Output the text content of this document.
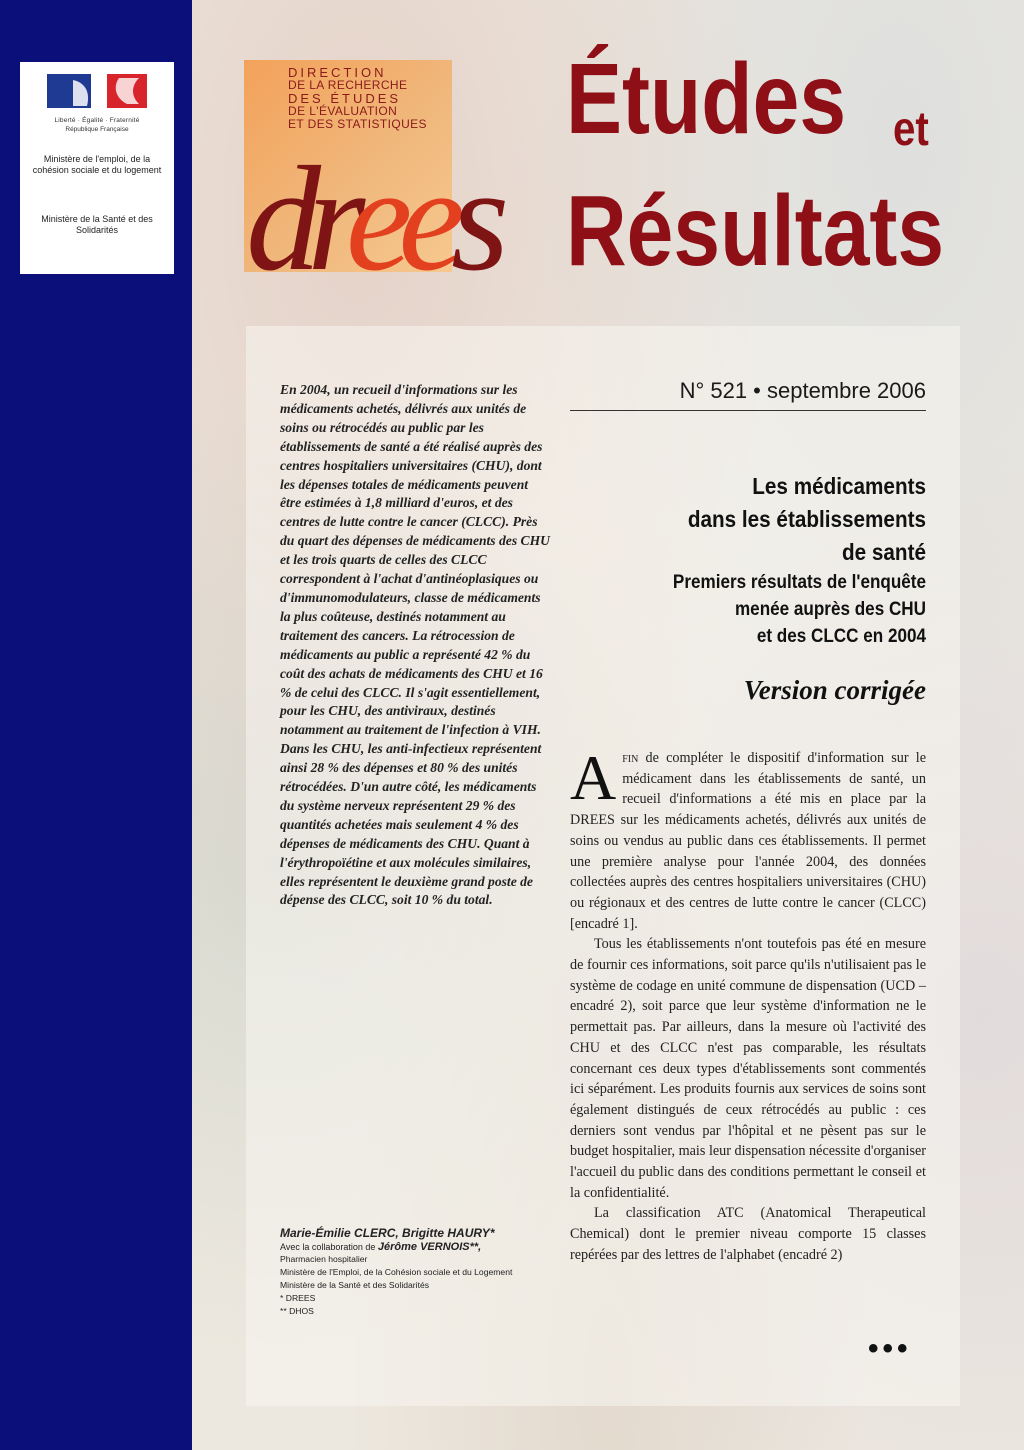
Liberté · Égalité · Fraternité
République Française
Ministère de l'emploi, de la cohésion sociale et du logement
Ministère de la Santé et des Solidarités
DIRECTION
DE LA RECHERCHE
DES ÉTUDES
DE L'ÉVALUATION
ET DES STATISTIQUES
drees
Études et
Résultats
En 2004, un recueil d'informations sur les médicaments achetés, délivrés aux unités de soins ou rétrocédés au public par les établissements de santé a été réalisé auprès des centres hospitaliers universitaires (CHU), dont les dépenses totales de médicaments peuvent être estimées à 1,8 milliard d'euros, et des centres de lutte contre le cancer (CLCC). Près du quart des dépenses de médicaments des CHU et les trois quarts de celles des CLCC correspondent à l'achat d'antinéoplasiques ou d'immunomodulateurs, classe de médicaments la plus coûteuse, destinés notamment au traitement des cancers. La rétrocession de médicaments au public a représenté 42 % du coût des achats de médicaments des CHU et 16 % de celui des CLCC. Il s'agit essentiellement, pour les CHU, des antiviraux, destinés notamment au traitement de l'infection à VIH. Dans les CHU, les anti-infectieux représentent ainsi 28 % des dépenses et 80 % des unités rétrocédées. D'un autre côté, les médicaments du système nerveux représentent 29 % des quantités achetées mais seulement 4 % des dépenses de médicaments des CHU. Quant à l'érythropoïétine et aux molécules similaires, elles représentent le deuxième grand poste de dépense des CLCC, soit 10 % du total.
N° 521 • septembre 2006
Les médicaments
dans les établissements
de santé
Premiers résultats de l'enquête
menée auprès des CHU
et des CLCC en 2004
Version corrigée

Afin de compléter le dispositif d'information sur le médicament dans les établissements de santé, un recueil d'informations a été mis en place par la DREES sur les médicaments achetés, délivrés aux unités de soins ou vendus au public dans ces établissements. Il permet une première analyse pour l'année 2004, des données collectées auprès des centres hospitaliers universitaires (CHU) ou régionaux et des centres de lutte contre le cancer (CLCC) [encadré 1].

Tous les établissements n'ont toutefois pas été en mesure de fournir ces informations, soit parce qu'ils n'utilisaient pas le système de codage en unité commune de dispensation (UCD – encadré 2), soit parce que leur système d'information ne le permettait pas. Par ailleurs, dans la mesure où l'activité des CHU et des CLCC n'est pas comparable, les résultats concernant ces deux types d'établissements sont commentés ici séparément. Les produits fournis aux services de soins sont également distingués de ceux rétrocédés au public : ces derniers sont vendus par l'hôpital et ne pèsent pas sur le budget hospitalier, mais leur dispensation nécessite d'organiser l'accueil du public dans des conditions permettant le conseil et la confidentialité.

La classification ATC (Anatomical Therapeutical Chemical) dont le premier niveau comporte 15 classes repérées par des lettres de l'alphabet (encadré 2)

•••
Marie-Émilie CLERC, Brigitte HAURY*
Avec la collaboration de Jérôme VERNOIS**,
Pharmacien hospitalier
Ministère de l'Emploi, de la Cohésion sociale et du Logement
Ministère de la Santé et des Solidarités
* DREES
** DHOS
